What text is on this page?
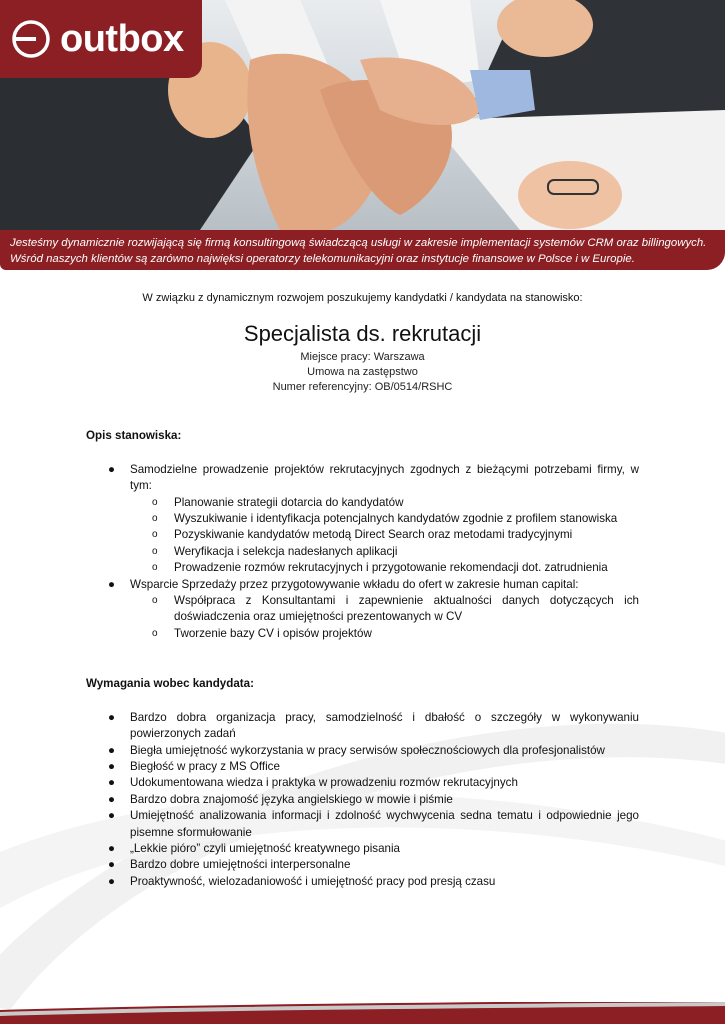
outbox
Jesteśmy dynamicznie rozwijającą się firmą konsultingową świadczącą usługi w zakresie implementacji systemów CRM oraz billingowych.
Wśród naszych klientów są zarówno najwięksi operatorzy telekomunikacyjni oraz instytucje finansowe w Polsce i w Europie.
W związku z dynamicznym rozwojem poszukujemy kandydatki / kandydata na stanowisko:
Specjalista ds. rekrutacji
Miejsce pracy: Warszawa
Umowa na zastępstwo
Numer referencyjny: OB/0514/RSHC
Opis stanowiska:
● Samodzielne prowadzenie projektów rekrutacyjnych zgodnych z bieżącymi potrzebami firmy, w tym:
o Planowanie strategii dotarcia do kandydatów
o Wyszukiwanie i identyfikacja potencjalnych kandydatów zgodnie z profilem stanowiska
o Pozyskiwanie kandydatów metodą Direct Search oraz metodami tradycyjnymi
o Weryfikacja i selekcja nadesłanych aplikacji
o Prowadzenie rozmów rekrutacyjnych i przygotowanie rekomendacji dot. zatrudnienia
● Wsparcie Sprzedaży przez przygotowywanie wkładu do ofert w zakresie human capital:
o Współpraca z Konsultantami i zapewnienie aktualności danych dotyczących ich doświadczenia oraz umiejętności prezentowanych w CV
o Tworzenie bazy CV i opisów projektów
Wymagania wobec kandydata:
● Bardzo dobra organizacja pracy, samodzielność i dbałość o szczegóły w wykonywaniu powierzonych zadań
● Biegła umiejętność wykorzystania w pracy serwisów społecznościowych dla profesjonalistów
● Biegłość w pracy z MS Office
● Udokumentowana wiedza i praktyka w prowadzeniu rozmów rekrutacyjnych
● Bardzo dobra znajomość języka angielskiego w mowie i piśmie
● Umiejętność analizowania informacji i zdolność wychwycenia sedna tematu i odpowiednie jego pisemne sformułowanie
● „Lekkie pióro” czyli umiejętność kreatywnego pisania
● Bardzo dobre umiejętności interpersonalne
● Proaktywność, wielozadaniowość i umiejętność pracy pod presją czasu
